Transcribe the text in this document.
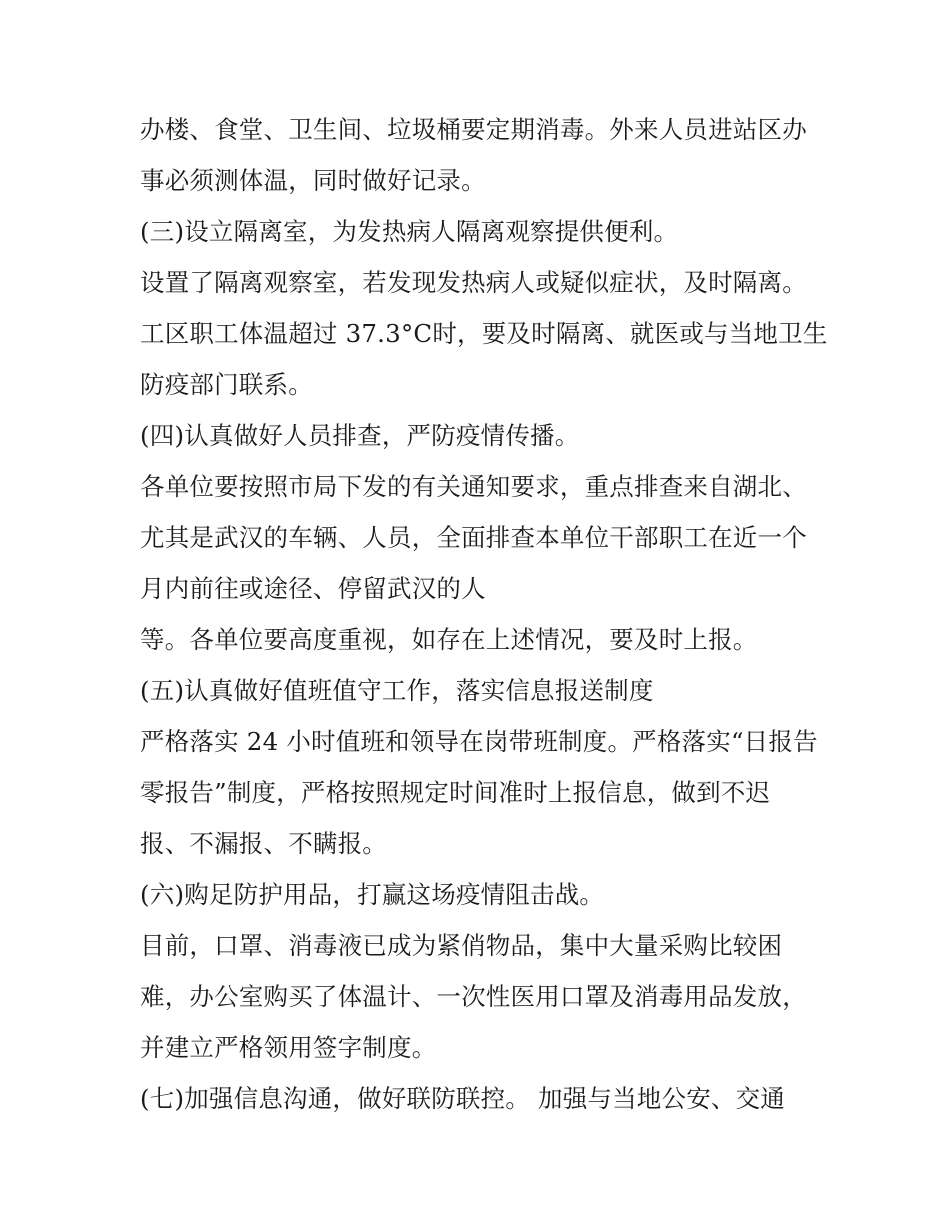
办楼、食堂、卫生间、垃圾桶要定期消毒。外来人员进站区办
事必须测体温，同时做好记录。
(三)设立隔离室，为发热病人隔离观察提供便利。
设置了隔离观察室，若发现发热病人或疑似症状，及时隔离。
工区职工体温超过 37.3°C时，要及时隔离、就医或与当地卫生
防疫部门联系。
(四)认真做好人员排查，严防疫情传播。
各单位要按照市局下发的有关通知要求，重点排查来自湖北、
尤其是武汉的车辆、人员，全面排查本单位干部职工在近一个
月内前往或途径、停留武汉的人
等。各单位要高度重视，如存在上述情况，要及时上报。
(五)认真做好值班值守工作，落实信息报送制度
严格落实 24 小时值班和领导在岗带班制度。严格落实“日报告
零报告”制度，严格按照规定时间准时上报信息，做到不迟
报、不漏报、不瞒报。
(六)购足防护用品，打赢这场疫情阻击战。
目前，口罩、消毒液已成为紧俏物品，集中大量采购比较困
难，办公室购买了体温计、一次性医用口罩及消毒用品发放，
并建立严格领用签字制度。
(七)加强信息沟通，做好联防联控。 加强与当地公安、交通
